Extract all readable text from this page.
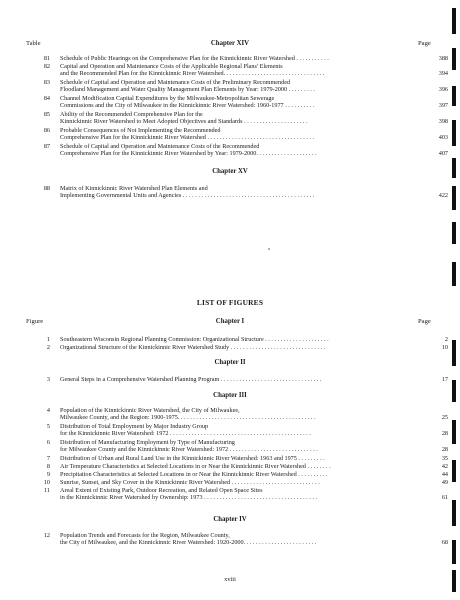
Table	Page
Chapter XIV
81 Schedule of Public Hearings on the Comprehensive Plan for the Kinnickinnic River Watershed . . . . . . . . . . .	388
82 Capital and Operation and Maintenance Costs of the Applicable Regional Plans' Elements
and the Recommended Plan for the Kinnickinnic River Watershed. . . . . . . . . . . . . . . . . . . . . . . . . . . . . . . . .	394
83 Schedule of Capital and Operation and Maintenance Costs of the Preliminary Recommended
Floodland Management and Water Quality Management Plan Elements by Year: 1979-2000 . . . . . . . . .	396
84 Channel Modification Capital Expenditures by the Milwaukee-Metropolitan Sewerage
Commissions and the City of Milwaukee in the Kinnickinnic River Watershed: 1960-1977 . . . . . . . . . .	397
85 Ability of the Recommended Comprehensive Plan for the
Kinnickinnic River Watershed to Meet Adopted Objectives and Standards . . . . . . . . . . . . . . . . . . . . .	398
86 Probable Consequences of Not Implementing the Recommended
Comprehensive Plan for the Kinnickinnic River Watershed . . . . . . . . . . . . . . . . . . . . . . . . . . . . . . . . . . .	403
87 Schedule of Capital and Operation and Maintenance Costs of the Recommended
Comprehensive Plan for the Kinnickinnic River Watershed by Year: 1979-2000. . . . . . . . . . . . . . . . . . . .	407
Chapter XV
88 Matrix of Kinnickinnic River Watershed Plan Elements and
Implementing Governmental Units and Agencies . . . . . . . . . . . . . . . . . . . . . . . . . . . . . . . . . . . . . . . . . . .	422
LIST OF FIGURES
Figure	Page
Chapter I
1 Southeastern Wisconsin Regional Planning Commission: Organizational Structure . . . . . . . . . . . . . . . . . . . . .	2
2 Organizational Structure of the Kinnickinnic River Watershed Study . . . . . . . . . . . . . . . . . . . . . . . . . . . . . . .	10
Chapter II
3 General Steps in a Comprehensive Watershed Planning Program . . . . . . . . . . . . . . . . . . . . . . . . . . . . . . . . .	17
Chapter III
4 Population of the Kinnickinnic River Watershed, the City of Milwaukee,
Milwaukee County, and the Region: 1900-1975. . . . . . . . . . . . . . . . . . . . . . . . . . . . . . . . . . . . . . . . . . . . .	25
5 Distribution of Total Employment by Major Industry Group
for the Kinnickinnic River Watershed: 1972 . . . . . . . . . . . . . . . . . . . . . . . . . . . . . . . . . . . . . . . . . . . . . .	28
6 Distribution of Manufacturing Employment by Type of Manufacturing
for Milwaukee County and the Kinnickinnic River Watershed: 1972 . . . . . . . . . . . . . . . . . . . . . . . . . . . . .	28
7 Distribution of Urban and Rural Land Use in the Kinnickinnic River Watershed: 1963 and 1975 . . . . . . . . .	35
8 Air Temperature Characteristics at Selected Locations in or Near the Kinnickinnic River Watershed . . . . . . . .	42
9 Precipitation Characteristics at Selected Locations in or Near the Kinnickinnic River Watershed . . . . . . . . . .	44
10 Sunrise, Sunset, and Sky Cover in the Kinnickinnic River Watershed . . . . . . . . . . . . . . . . . . . . . . . . . . . . .	49
11 Areal Extent of Existing Park, Outdoor Recreation, and Related Open Space Sites
in the Kinnickinnic River Watershed by Ownership: 1973 . . . . . . . . . . . . . . . . . . . . . . . . . . . . . . . . . . . . .	61
Chapter IV
12 Population Trends and Forecasts for the Region, Milwaukee County,
the City of Milwaukee, and the Kinnickinnic River Watershed: 1920-2000. . . . . . . . . . . . . . . . . . . . . . . .	68
xviii
